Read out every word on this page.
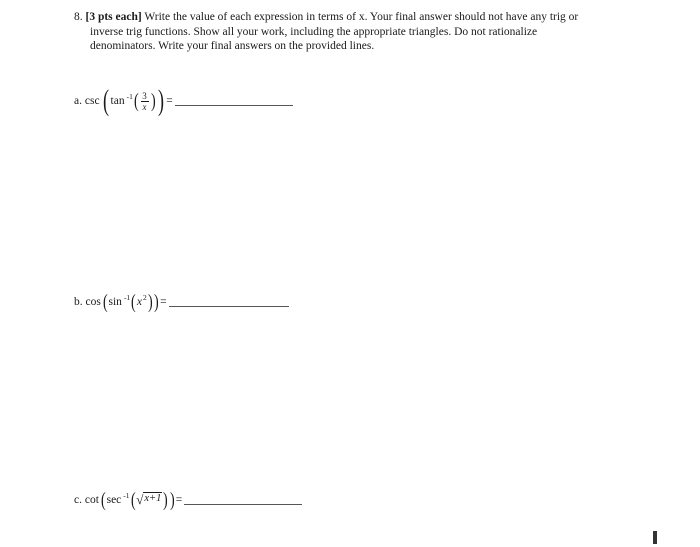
8. [3 pts each] Write the value of each expression in terms of x. Your final answer should not have any trig or
inverse trig functions. Show all your work, including the appropriate triangles. Do not rationalize
denominators. Write your final answers on the provided lines.
a.
csc ( tan -1 ( $\frac{3}{x}$ ) ) =
b.
cos ( sin -1 ( x 2 ) ) =
c.
cot ( sec -1 ( √ x+1 ) ) =
